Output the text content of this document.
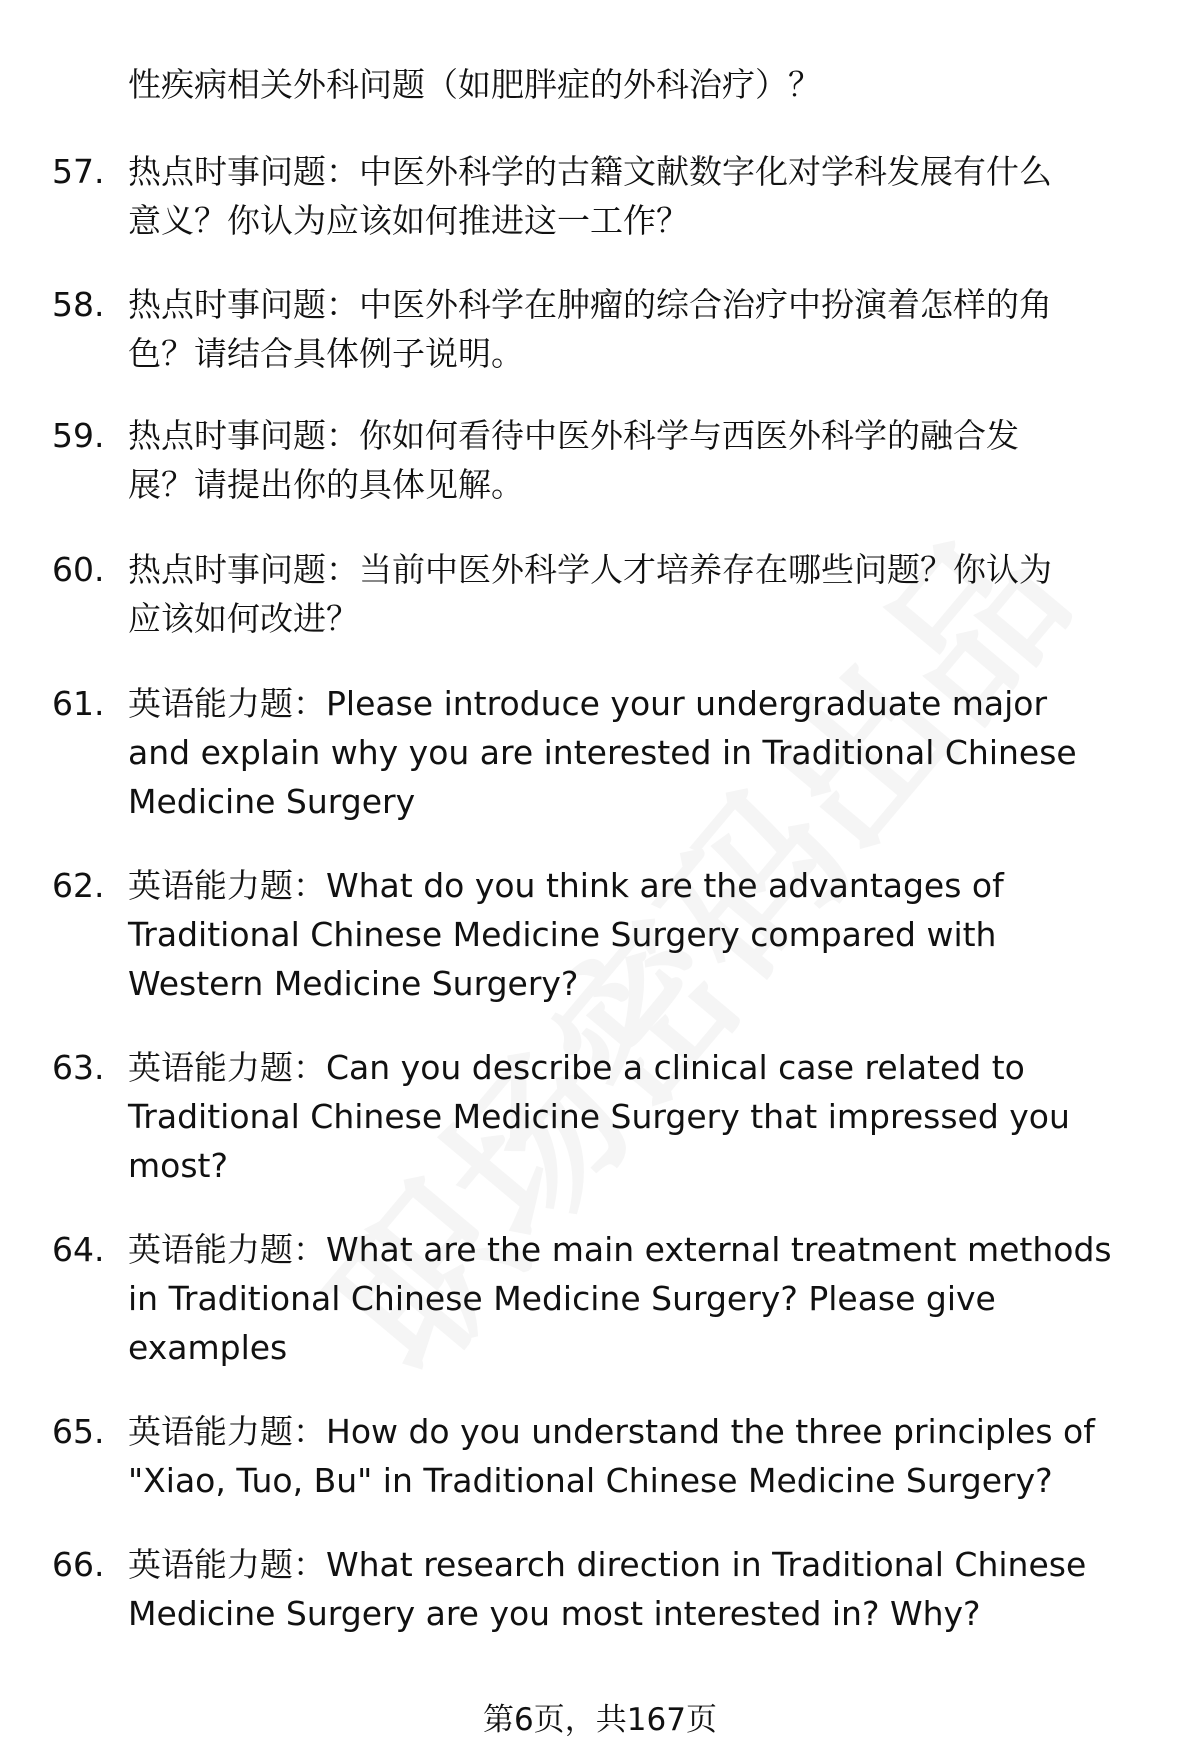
性疾病相关外科问题（如肥胖症的外科治疗）？
57. 热点时事问题：中医外科学的古籍文献数字化对学科发展有什么
意义？你认为应该如何推进这一工作？
58. 热点时事问题：中医外科学在肿瘤的综合治疗中扮演着怎样的角
色？请结合具体例子说明。
59. 热点时事问题：你如何看待中医外科学与西医外科学的融合发
展？请提出你的具体见解。
60. 热点时事问题：当前中医外科学人才培养存在哪些问题？你认为
应该如何改进？
61. 英语能力题：Please introduce your undergraduate major
and explain why you are interested in Traditional Chinese
Medicine Surgery
62. 英语能力题：What do you think are the advantages of
Traditional Chinese Medicine Surgery compared with
Western Medicine Surgery?
63. 英语能力题：Can you describe a clinical case related to
Traditional Chinese Medicine Surgery that impressed you
most?
64. 英语能力题：What are the main external treatment methods
in Traditional Chinese Medicine Surgery? Please give
examples
65. 英语能力题：How do you understand the three principles of
"Xiao, Tuo, Bu" in Traditional Chinese Medicine Surgery?
66. 英语能力题：What research direction in Traditional Chinese
Medicine Surgery are you most interested in? Why?
第6页，共167页
